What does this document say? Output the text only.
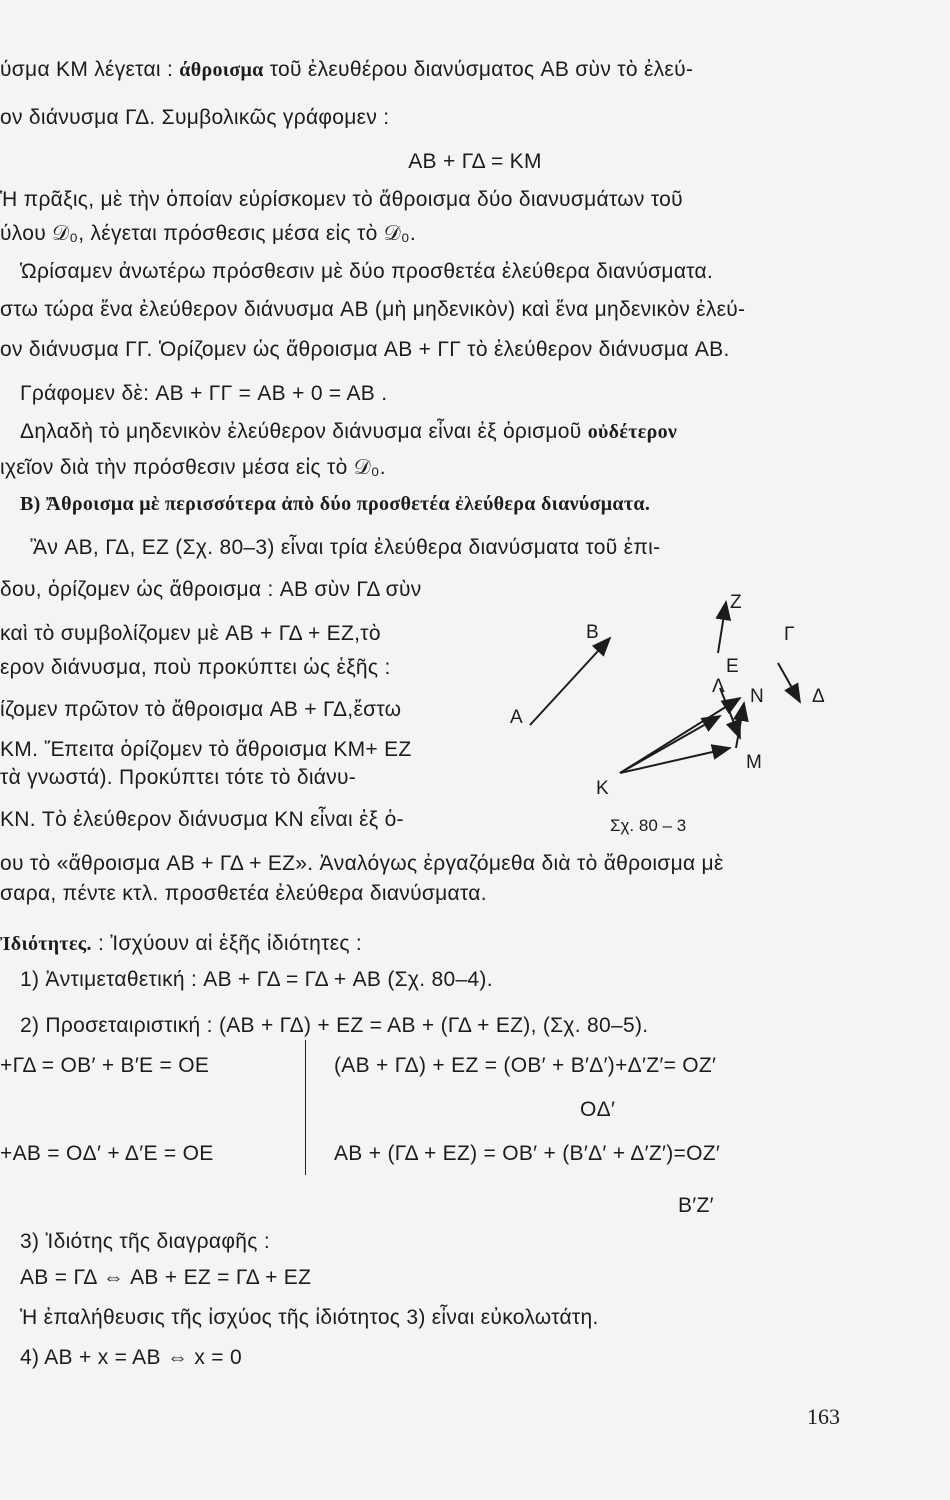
ύσμα KM λέγεται : άθροισμα τοῦ ἐλευθέρου διανύσματος AB σὺν τὸ ἐλεύ-
ον διάνυσμα ΓΔ. Συμβολικῶς γράφομεν :
AB + ΓΔ = KM
Ἡ πρᾶξις, μὲ τὴν ὁποίαν εὑρίσκομεν τὸ ἄθροισμα δύο διανυσμάτων τοῦ
ύλου 𝒟₀, λέγεται πρόσθεσις μέσα εἰς τὸ 𝒟₀.
Ὡρίσαμεν ἀνωτέρω πρόσθεσιν μὲ δύο προσθετέα ἐλεύθερα διανύσματα.
στω τώρα ἕνα ἐλεύθερον διάνυσμα AB (μὴ μηδενικὸν) καὶ ἕνα μηδενικὸν ἐλεύ-
ον διάνυσμα ΓΓ. Ὁρίζομεν ὡς ἄθροισμα AB + ΓΓ τὸ ἐλεύθερον διάνυσμα AB.
Γράφομεν δὲ: AB + ΓΓ = AB + 0 = AB .
Δηλαδὴ τὸ μηδενικὸν ἐλεύθερον διάνυσμα εἶναι ἐξ ὁρισμοῦ οὐδέτερον
ιχεῖον διὰ τὴν πρόσθεσιν μέσα εἰς τὸ 𝒟₀.
B) Ἄθροισμα μὲ περισσότερα ἀπὸ δύο προσθετέα ἐλεύθερα διανύσματα.
Ἂν AB, ΓΔ, EZ (Σχ. 80–3) εἶναι τρία ἐλεύθερα διανύσματα τοῦ ἐπι-
δου, ὁρίζομεν ὡς ἄθροισμα : AB σὺν ΓΔ σὺν
καὶ τὸ συμβολίζομεν μὲ AB + ΓΔ + EZ,τὸ
ερον διάνυσμα, ποὺ προκύπτει ὡς ἑξῆς :
ίζομεν πρῶτον τὸ ἄθροισμα AB + ΓΔ,ἔστω
KM. Ἔπειτα ὁρίζομεν τὸ ἄθροισμα KM+ EZ
τὰ γνωστά). Προκύπτει τότε τὸ διάνυ-
KN. Τὸ ἐλεύθερον διάνυσμα KN εἶναι ἐξ ὁ-
ου τὸ «ἄθροισμα AB + ΓΔ + EZ». Ἀναλόγως ἐργαζόμεθα διὰ τὸ ἄθροισμα μὲ
σαρα, πέντε κτλ. προσθετέα ἐλεύθερα διανύσματα.
Ἰδιότητες. : Ἰσχύουν αἱ ἑξῆς ἰδιότητες :
1) Ἀντιμεταθετική : AB + ΓΔ = ΓΔ + AB (Σχ. 80–4).
2) Προσεταιριστική : (AB + ΓΔ) + EZ = AB + (ΓΔ + EZ), (Σχ. 80–5).
+ΓΔ = OB′ + B′E = OE	(AB + ΓΔ) + EZ = (OB′ + B′Δ′)+Δ′Z′= OZ′
OΔ′
+AB = OΔ′ + Δ′E = OE	AB + (ΓΔ + EZ) = OB′ + (B′Δ′ + Δ′Z′)=OZ′
B′Z′
3) Ἰδιότης τῆς διαγραφῆς :
AB = ΓΔ ⇔ AB + EZ = ΓΔ + EZ
Ἡ ἐπαλήθευσις τῆς ἰσχύος τῆς ἰδιότητος 3) εἶναι εὐκολωτάτη.
4) AB + x = AB ⇔ x = 0
A
B
Z
E
Γ
Δ
Λ N
M
K
Σχ. 80 – 3
163
